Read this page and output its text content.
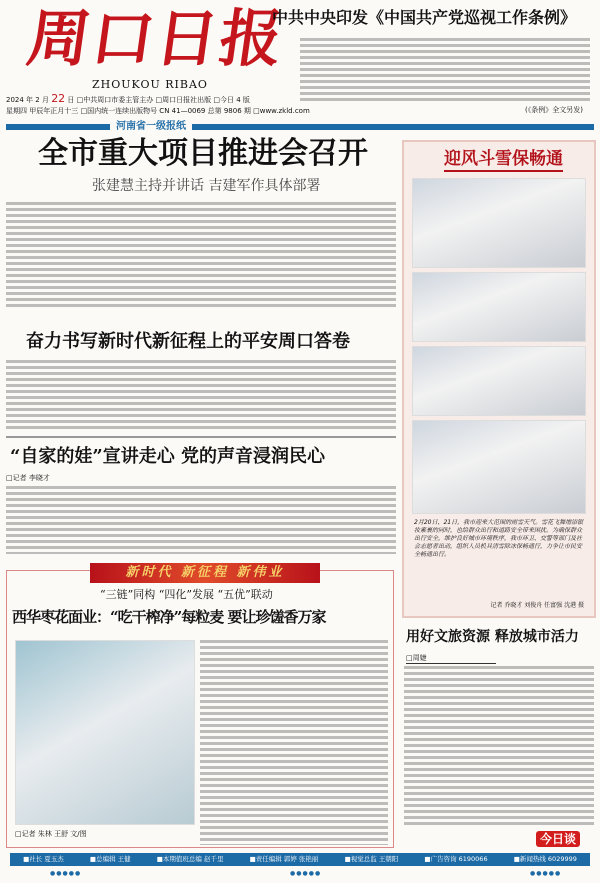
周口日报
ZHOUKOU RIBAO
2024 年 2 月 22 日 □中共周口市委主管主办 □周口日报社出版 □今日 4 版
星期四 甲辰年正月十三 □国内统一连续出版物号 CN 41—0069 总第 9806 期 □www.zkld.com
河南省一级报纸
中共中央印发《中国共产党巡视工作条例》
(《条例》全文另发)
全市重大项目推进会召开
张建慧主持并讲话 吉建军作具体部署
迎风斗雪保畅通
2月20日、21日，我市迎来大范围的雨雪天气。雪花飞舞增添银妆素裹的同时，也给群众出行和道路安全带来困扰。为确保群众出行安全，维护良好城市环境秩序，我市环卫、交警等部门及社会志愿者出动，组织人员机具清雪除冰保畅通行，力争让市民安全畅通出行。
记者 乔晓才 刘俊舟 任富强 沈港 摄
奋力书写新时代新征程上的平安周口答卷
“自家的娃”宣讲走心 党的声音浸润民心
□记者 李晓才
新时代 新征程 新伟业
“三链”同构 “四化”发展 “五优”联动
西华枣花面业：“吃干榨净”每粒麦 要让珍馐香万家
□记者 朱林 王舒 文/图
用好文旅资源 释放城市活力
□周婕
今日谈
■社长 夏玉杰	■总编辑 王健	■本期值班总编 赵千里	■责任编辑 郭婷 张艳丽	■视觉总监 王朝阳	■广告咨询 6190066	■新闻热线 6029999
●●●●●	●●●●●	●●●●●
